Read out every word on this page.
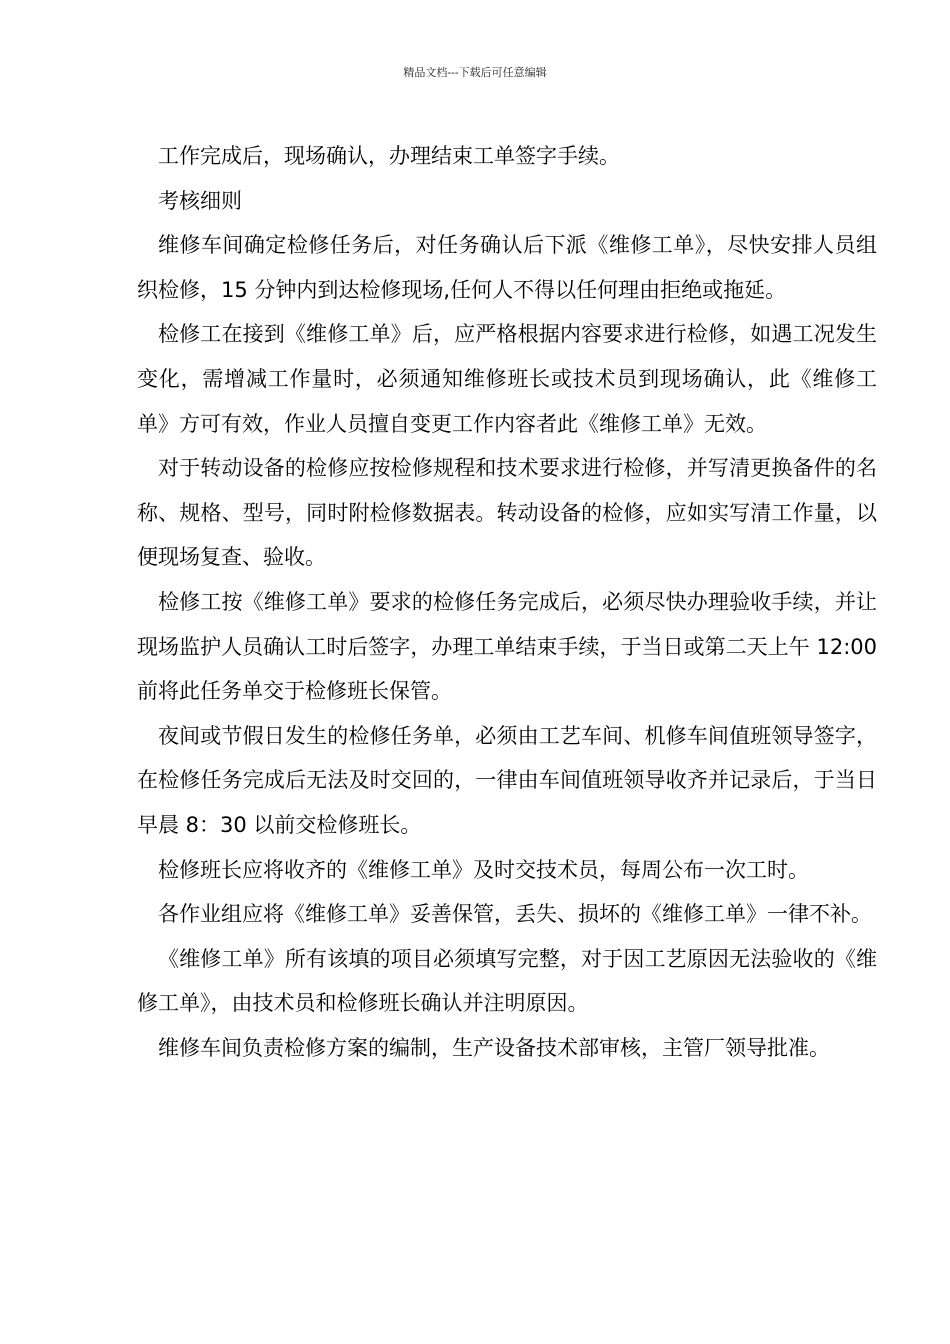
精品文档---下载后可任意编辑

工作完成后，现场确认，办理结束工单签字手续。

考核细则

维修车间确定检修任务后，对任务确认后下派《维修工单》，尽快安排人员组织检修，15 分钟内到达检修现场,任何人不得以任何理由拒绝或拖延。

检修工在接到《维修工单》后，应严格根据内容要求进行检修，如遇工况发生变化，需增减工作量时，必须通知维修班长或技术员到现场确认，此《维修工单》方可有效，作业人员擅自变更工作内容者此《维修工单》无效。

对于转动设备的检修应按检修规程和技术要求进行检修，并写清更换备件的名称、规格、型号，同时附检修数据表。转动设备的检修，应如实写清工作量，以便现场复查、验收。

检修工按《维修工单》要求的检修任务完成后，必须尽快办理验收手续，并让现场监护人员确认工时后签字，办理工单结束手续，于当日或第二天上午 12:00 前将此任务单交于检修班长保管。

夜间或节假日发生的检修任务单，必须由工艺车间、机修车间值班领导签字，在检修任务完成后无法及时交回的，一律由车间值班领导收齐并记录后，于当日早晨 8：30 以前交检修班长。

检修班长应将收齐的《维修工单》及时交技术员，每周公布一次工时。

各作业组应将《维修工单》妥善保管，丢失、损坏的《维修工单》一律不补。

《维修工单》所有该填的项目必须填写完整，对于因工艺原因无法验收的《维修工单》，由技术员和检修班长确认并注明原因。

维修车间负责检修方案的编制，生产设备技术部审核，主管厂领导批准。
